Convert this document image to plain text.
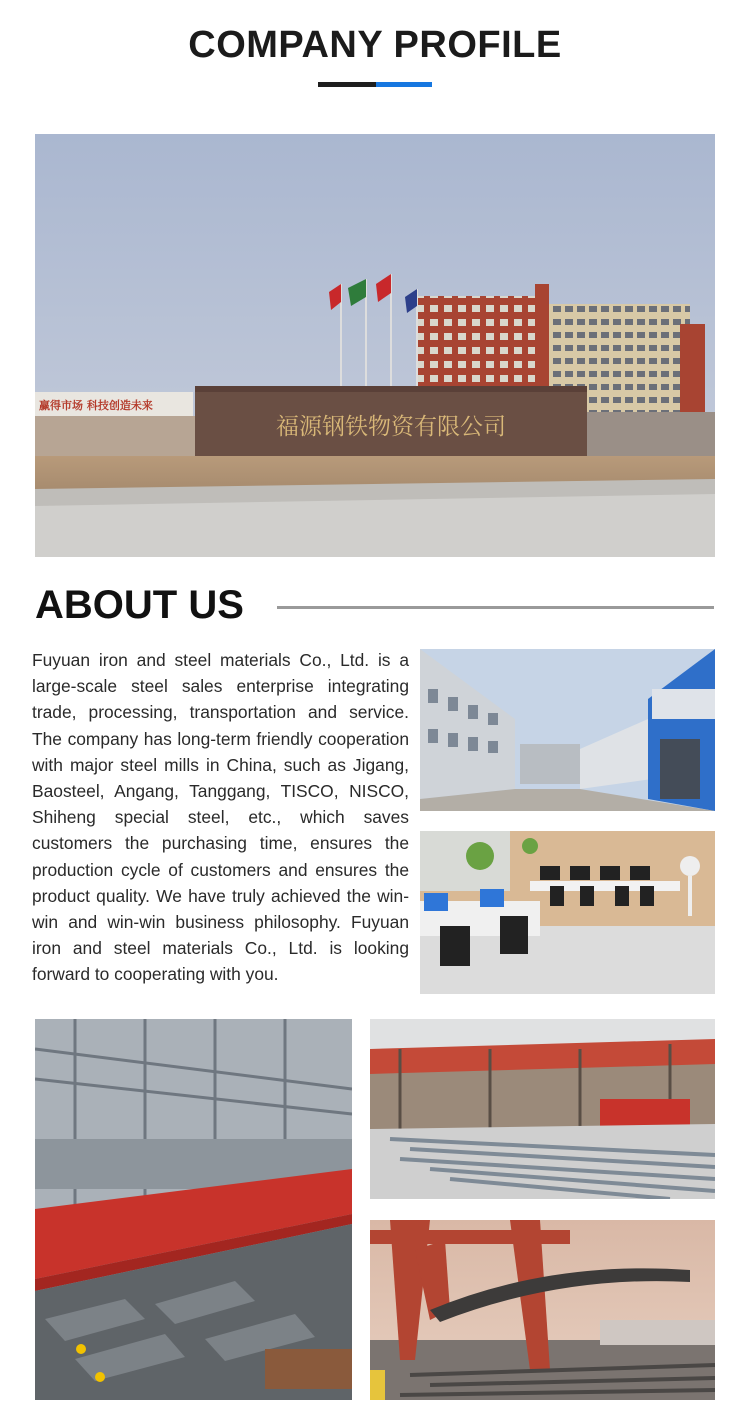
COMPANY PROFILE
赢得市场 科技创造未来
福源钢铁物资有限公司
ABOUT US

Fuyuan iron and steel materials Co., Ltd. is a large-scale steel sales enterprise integrating trade, processing, transportation and service. The company has long-term friendly cooperation with major steel mills in China, such as Jigang, Baosteel, Angang, Tanggang, TISCO, NISCO, Shiheng special steel, etc., which saves customers the purchasing time, ensures the production cycle of customers and ensures the product quality. We have truly achieved the win-win and win-win business philosophy. Fuyuan iron and steel materials Co., Ltd. is looking forward to cooperating with you.
